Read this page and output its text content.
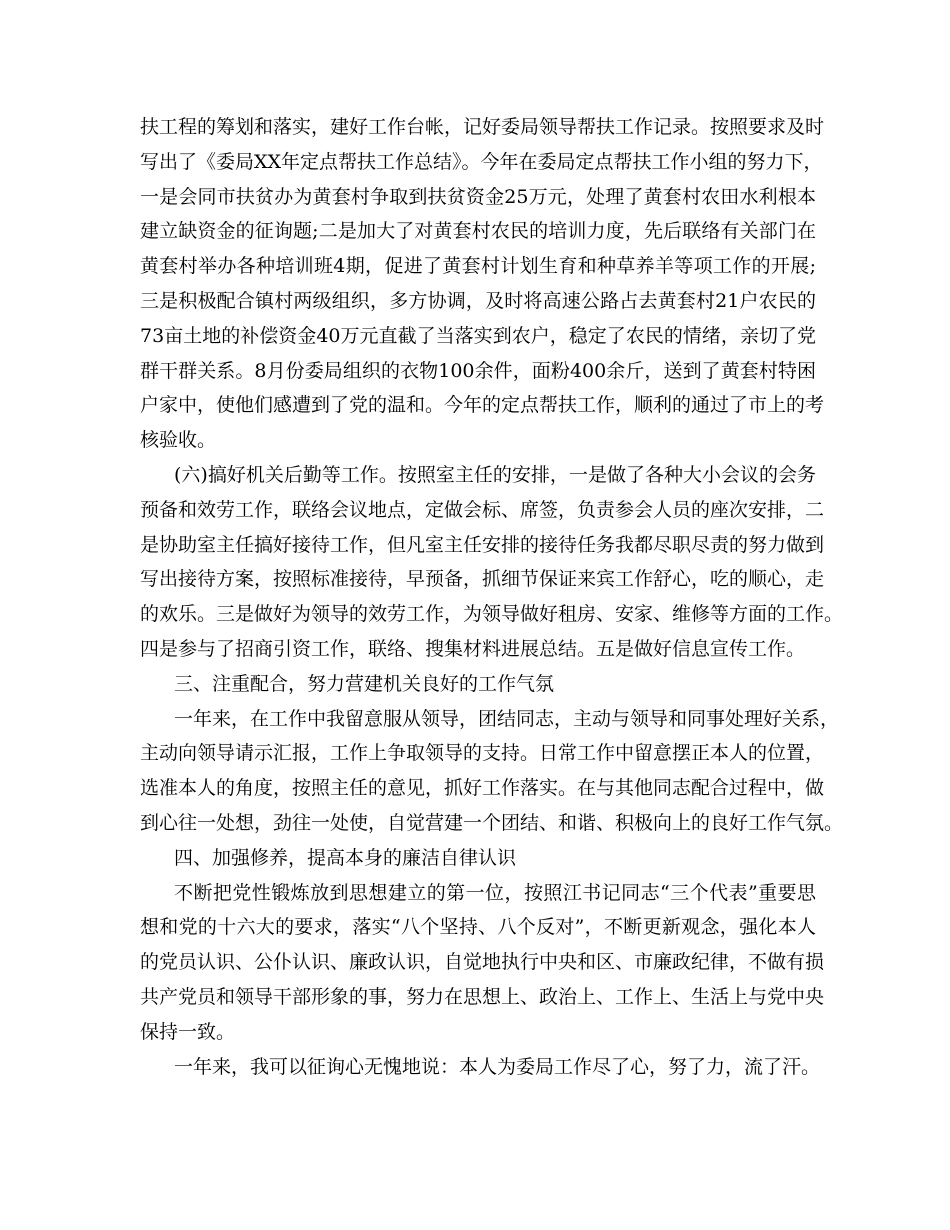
扶工程的筹划和落实，建好工作台帐，记好委局领导帮扶工作记录。按照要求及时
写出了《委局XX年定点帮扶工作总结》。今年在委局定点帮扶工作小组的努力下，
一是会同市扶贫办为黄套村争取到扶贫资金25万元，处理了黄套村农田水利根本
建立缺资金的征询题;二是加大了对黄套村农民的培训力度，先后联络有关部门在
黄套村举办各种培训班4期，促进了黄套村计划生育和种草养羊等项工作的开展;
三是积极配合镇村两级组织，多方协调，及时将高速公路占去黄套村21户农民的
73亩土地的补偿资金40万元直截了当落实到农户，稳定了农民的情绪，亲切了党
群干群关系。8月份委局组织的衣物100余件，面粉400余斤，送到了黄套村特困
户家中，使他们感遭到了党的温和。今年的定点帮扶工作，顺利的通过了市上的考
核验收。
(六)搞好机关后勤等工作。按照室主任的安排，一是做了各种大小会议的会务
预备和效劳工作，联络会议地点，定做会标、席签，负责参会人员的座次安排，二
是协助室主任搞好接待工作，但凡室主任安排的接待任务我都尽职尽责的努力做到
写出接待方案，按照标准接待，早预备，抓细节保证来宾工作舒心，吃的顺心，走
的欢乐。三是做好为领导的效劳工作，为领导做好租房、安家、维修等方面的工作。
四是参与了招商引资工作，联络、搜集材料进展总结。五是做好信息宣传工作。
三、注重配合，努力营建机关良好的工作气氛
一年来，在工作中我留意服从领导，团结同志，主动与领导和同事处理好关系，
主动向领导请示汇报，工作上争取领导的支持。日常工作中留意摆正本人的位置，
选准本人的角度，按照主任的意见，抓好工作落实。在与其他同志配合过程中，做
到心往一处想，劲往一处使，自觉营建一个团结、和谐、积极向上的良好工作气氛。
四、加强修养，提高本身的廉洁自律认识
不断把党性锻炼放到思想建立的第一位，按照江书记同志“三个代表”重要思
想和党的十六大的要求，落实“八个坚持、八个反对”，不断更新观念，强化本人
的党员认识、公仆认识、廉政认识，自觉地执行中央和区、市廉政纪律，不做有损
共产党员和领导干部形象的事，努力在思想上、政治上、工作上、生活上与党中央
保持一致。
一年来，我可以征询心无愧地说：本人为委局工作尽了心，努了力，流了汗。
